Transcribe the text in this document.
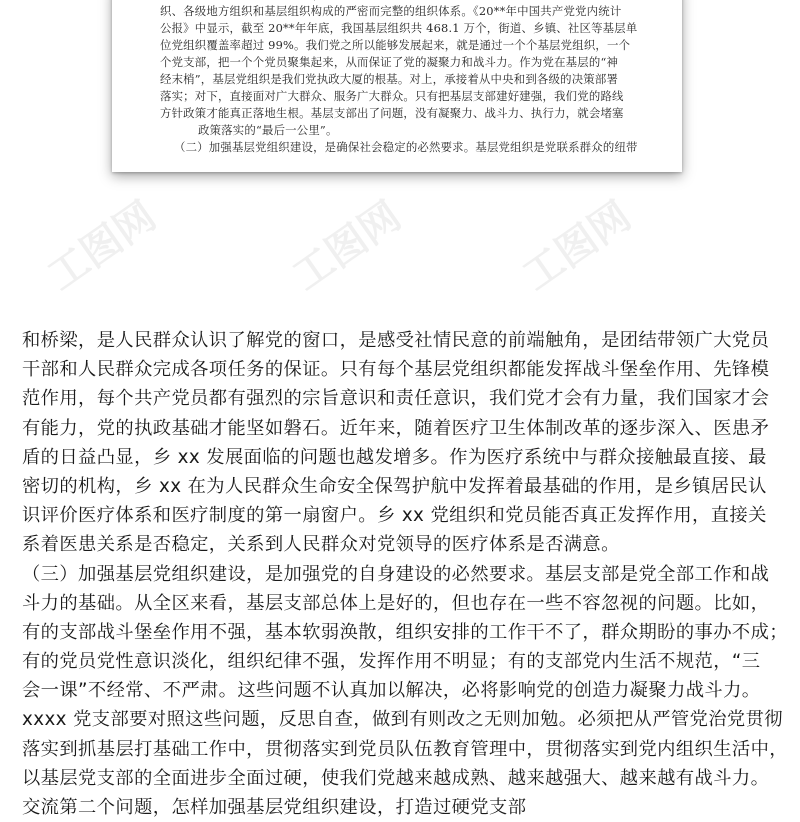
织、各级地方组织和基层组织构成的严密而完整的组织体系。《20**年中国共产党党内统计
公报》中显示，截至 20**年年底，我国基层组织共 468.1 万个，街道、乡镇、社区等基层单
位党组织覆盖率超过 99%。我们党之所以能够发展起来，就是通过一个个基层党组织，一个
个党支部，把一个个党员聚集起来，从而保证了党的凝聚力和战斗力。作为党在基层的“神
经末梢”，基层党组织是我们党执政大厦的根基。对上，承接着从中央和到各级的决策部署
落实；对下，直接面对广大群众、服务广大群众。只有把基层支部建好建强，我们党的路线
方针政策才能真正落地生根。基层支部出了问题，没有凝聚力、战斗力、执行力，就会堵塞
政策落实的“最后一公里”。
（二）加强基层党组织建设，是确保社会稳定的必然要求。基层党组织是党联系群众的纽带
工图网	工图网	工图网
和桥梁，是人民群众认识了解党的窗口，是感受社情民意的前端触角，是团结带领广大党员
干部和人民群众完成各项任务的保证。只有每个基层党组织都能发挥战斗堡垒作用、先锋模
范作用，每个共产党员都有强烈的宗旨意识和责任意识，我们党才会有力量，我们国家才会
有能力，党的执政基础才能坚如磐石。近年来，随着医疗卫生体制改革的逐步深入、医患矛
盾的日益凸显，乡 xx 发展面临的问题也越发增多。作为医疗系统中与群众接触最直接、最
密切的机构，乡 xx 在为人民群众生命安全保驾护航中发挥着最基础的作用，是乡镇居民认
识评价医疗体系和医疗制度的第一扇窗户。乡 xx 党组织和党员能否真正发挥作用，直接关
系着医患关系是否稳定，关系到人民群众对党领导的医疗体系是否满意。
（三）加强基层党组织建设，是加强党的自身建设的必然要求。基层支部是党全部工作和战
斗力的基础。从全区来看，基层支部总体上是好的，但也存在一些不容忽视的问题。比如，
有的支部战斗堡垒作用不强，基本软弱涣散，组织安排的工作干不了，群众期盼的事办不成；
有的党员党性意识淡化，组织纪律不强，发挥作用不明显；有的支部党内生活不规范，“三
会一课”不经常、不严肃。这些问题不认真加以解决，必将影响党的创造力凝聚力战斗力。
xxxx 党支部要对照这些问题，反思自查，做到有则改之无则加勉。必须把从严管党治党贯彻
落实到抓基层打基础工作中，贯彻落实到党员队伍教育管理中，贯彻落实到党内组织生活中，
以基层党支部的全面进步全面过硬，使我们党越来越成熟、越来越强大、越来越有战斗力。
交流第二个问题，怎样加强基层党组织建设，打造过硬党支部
